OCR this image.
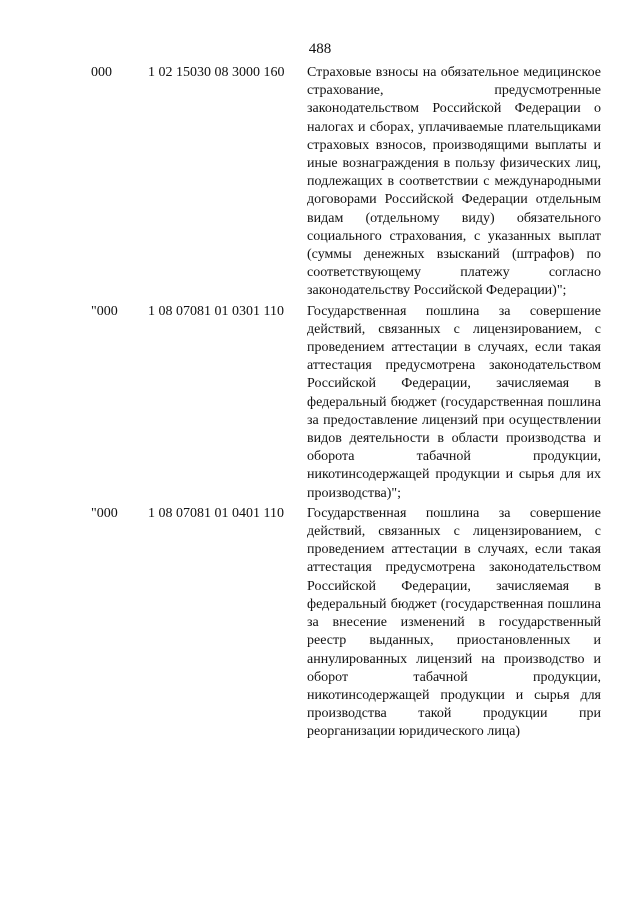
488
000	1 02 15030 08 3000 160 Страховые взносы на обязательное медицинское страхование, предусмотренные законодательством Российской Федерации о налогах и сборах, уплачиваемые плательщиками страховых взносов, производящими выплаты и иные вознаграждения в пользу физических лиц, подлежащих в соответствии с международными договорами Российской Федерации отдельным видам (отдельному виду) обязательного социального страхования, с указанных выплат (суммы денежных взысканий (штрафов) по соответствующему платежу согласно законодательству Российской Федерации)";
"000 1 08 07081 01 0301 110 Государственная пошлина за совершение действий, связанных с лицензированием, с проведением аттестации в случаях, если такая аттестация предусмотрена законодательством Российской Федерации, зачисляемая в федеральный бюджет (государственная пошлина за предоставление лицензий при осуществлении видов деятельности в области производства и оборота табачной продукции, никотинсодержащей продукции и сырья для их производства)";
"000 1 08 07081 01 0401 110 Государственная пошлина за совершение действий, связанных с лицензированием, с проведением аттестации в случаях, если такая аттестация предусмотрена законодательством Российской Федерации, зачисляемая в федеральный бюджет (государственная пошлина за внесение изменений в государственный реестр выданных, приостановленных и аннулированных лицензий на производство и оборот табачной продукции, никотинсодержащей продукции и сырья для производства такой продукции при реорганизации юридического лица)
